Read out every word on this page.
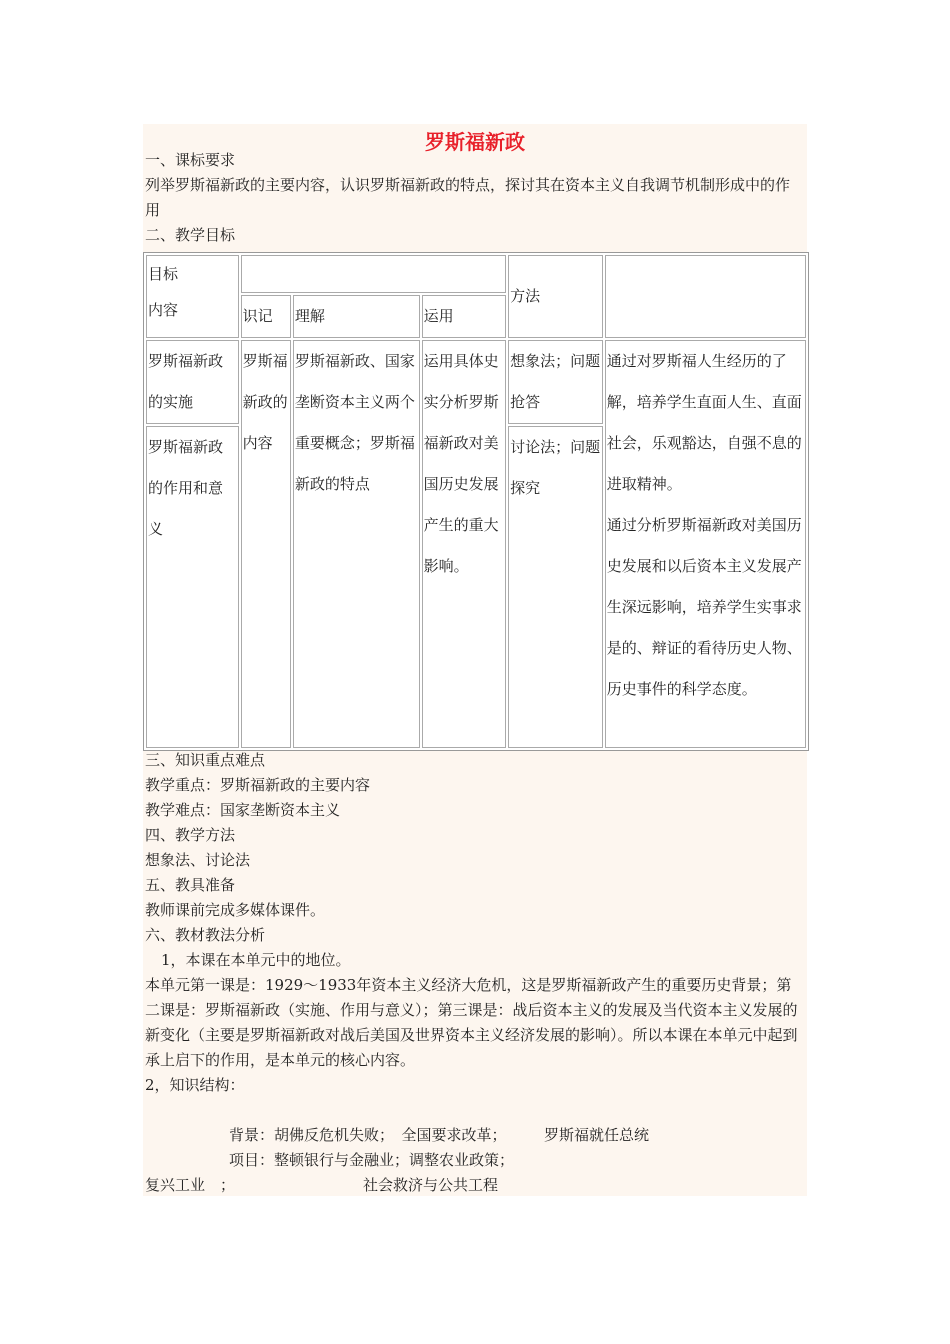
罗斯福新政
一、课标要求
列举罗斯福新政的主要内容，认识罗斯福新政的特点，探讨其在资本主义自我调节机制形成中的作用
二、教学目标
目标
内容				方法	
	识记	理解	运用		
罗斯福新政的实施	罗斯福新政的内容	罗斯福新政、国家垄断资本主义两个重要概念；罗斯福新政的特点	运用具体史实分析罗斯福新政对美国历史发展产生的重大影响。	想象法；问题抢答	通过对罗斯福人生经历的了解，培养学生直面人生、直面社会，乐观豁达，自强不息的进取精神。
通过分析罗斯福新政对美国历史发展和以后资本主义发展产生深远影响，培养学生实事求是的、辩证的看待历史人物、历史事件的科学态度。

罗斯福新政的作用和意义				讨论法；问题探究	
三、知识重点难点
教学重点：罗斯福新政的主要内容
教学难点：国家垄断资本主义
四、教学方法
想象法、讨论法
五、教具准备
教师课前完成多媒体课件。
六、教材教法分析
1，本课在本单元中的地位。
本单元第一课是：1929～1933年资本主义经济大危机，这是罗斯福新政产生的重要历史背景；第二课是：罗斯福新政（实施、作用与意义）；第三课是：战后资本主义的发展及当代资本主义发展的新变化（主要是罗斯福新政对战后美国及世界资本主义经济发展的影响）。所以本课在本单元中起到承上启下的作用，是本单元的核心内容。
2，知识结构：
背景：胡佛反危机失败；　全国要求改革；　　　罗斯福就任总统
项目：整顿银行与金融业；调整农业政策；
复兴工业　；	社会救济与公共工程
